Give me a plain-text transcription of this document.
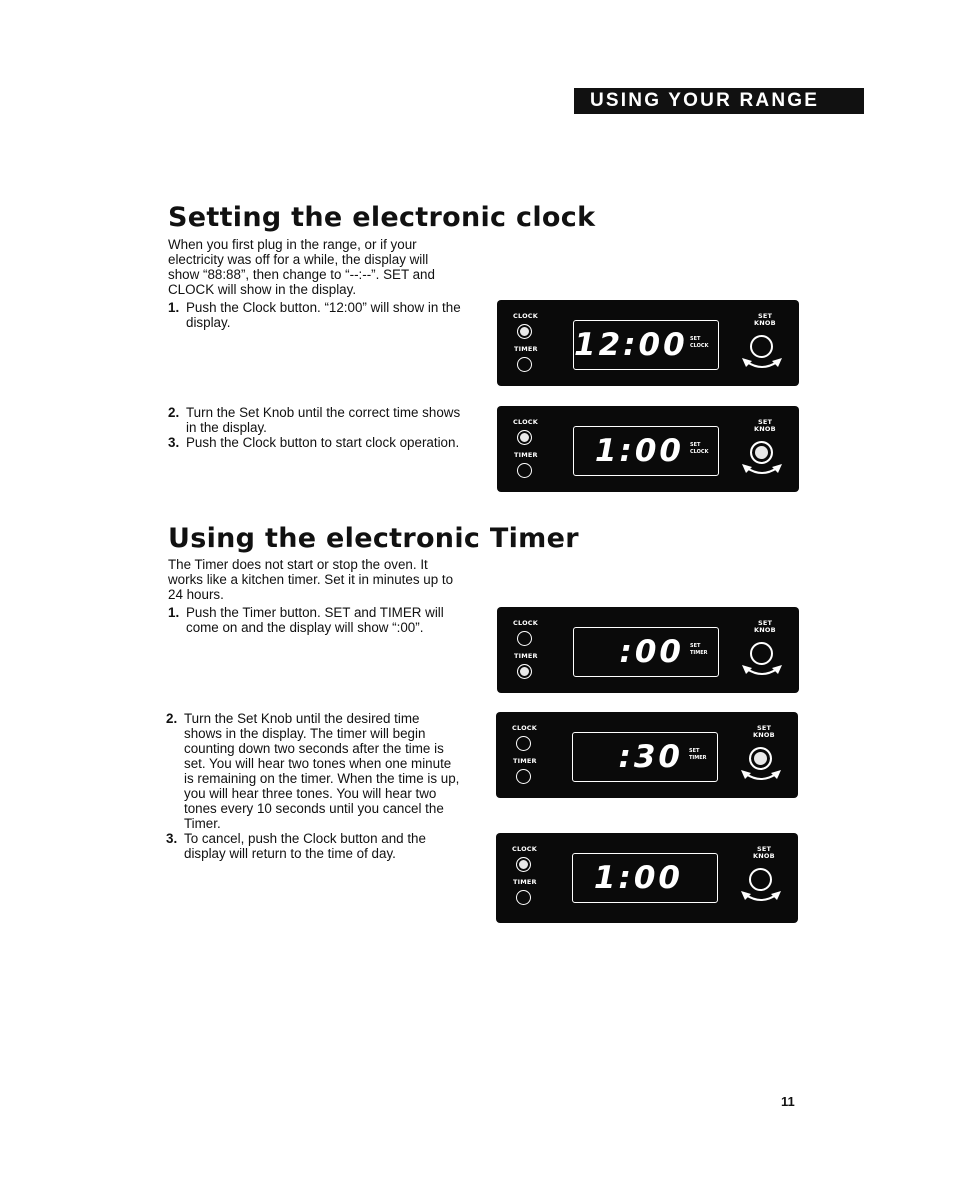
USING YOUR RANGE
Setting the electronic clock

When you first plug in the range, or if your

electricity was off for a while, the display will

show “88:88”, then change to “--:--”. SET and

CLOCK will show in the display.

1. Push the Clock button. “12:00” will show in the
display.
2. Turn the Set Knob until the correct time shows
in the display.
3. Push the Clock button to start clock operation.
Using the electronic Timer

The Timer does not start or stop the oven. It

works like a kitchen timer. Set it in minutes up to

24 hours.

1. Push the Timer button. SET and TIMER will
come on and the display will show “:00”.
2. Turn the Set Knob until the desired time
shows in the display. The timer will begin
counting down two seconds after the time is
set. You will hear two tones when one minute
is remaining on the timer. When the time is up,
you will hear three tones. You will hear two
tones every 10 seconds until you cancel the
Timer.
3. To cancel, push the Clock button and the
display will return to the time of day.
CLOCK
TIMER 12:00 SET
CLOCK
SET
KNOB
CLOCK
TIMER	1:00 SET
CLOCK
SET
KNOB
CLOCK
TIMER	:00 SET
TIMER
SET
KNOB
CLOCK
TIMER	:30 SET
TIMER
SET
KNOB
CLOCK
TIMER	1:00
SET
KNOB
11
